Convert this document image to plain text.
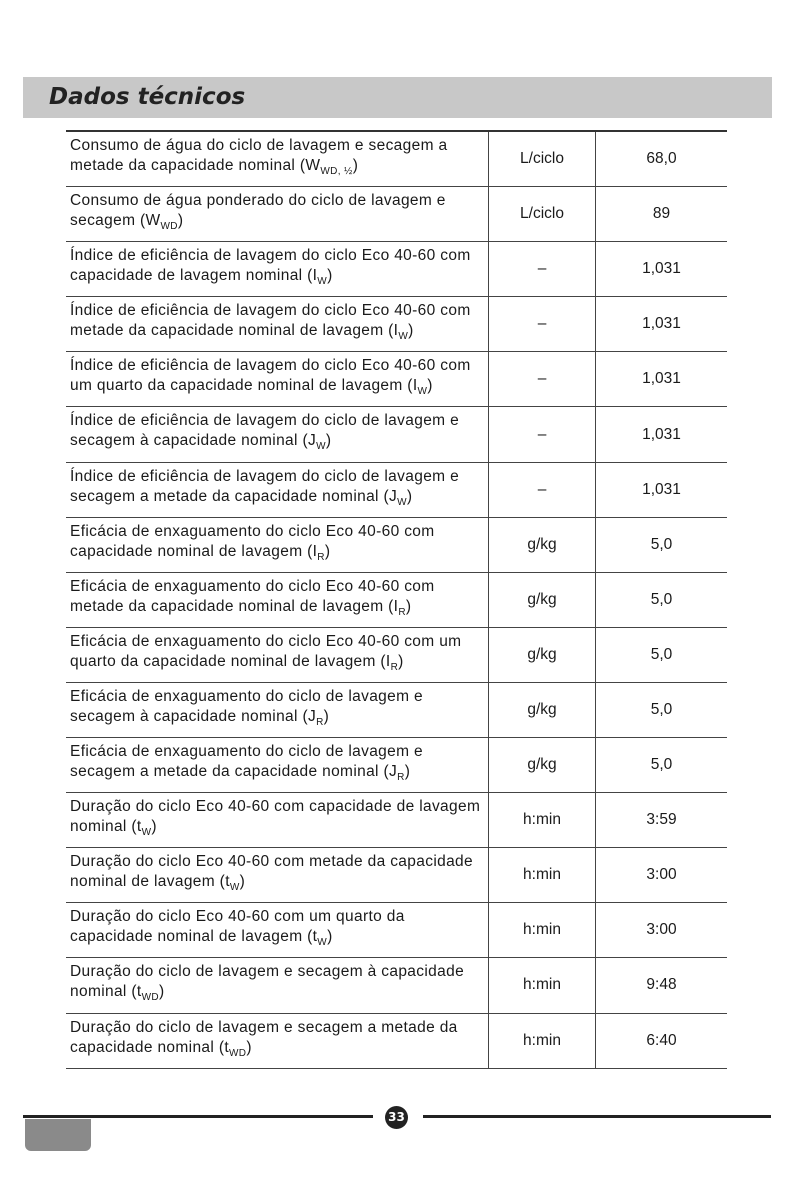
Dados técnicos
Consumo de água do ciclo de lavagem e secagem a metade da capacidade nominal $(W_{WD, \frac{1}{2}})$	L/ciclo	68,0
Consumo de água ponderado do ciclo de lavagem e secagem $(W_{WD})$	L/ciclo	89
Índice de eficiência de lavagem do ciclo Eco 40-60 com capacidade de lavagem nominal $(I_W)$	–	1,031
Índice de eficiência de lavagem do ciclo Eco 40-60 com metade da capacidade nominal de lavagem $(I_W)$	–	1,031
Índice de eficiência de lavagem do ciclo Eco 40-60 com um quarto da capacidade nominal de lavagem $(I_W)$	–	1,031
Índice de eficiência de lavagem do ciclo de lavagem e secagem à capacidade nominal $(J_W)$	–	1,031
Índice de eficiência de lavagem do ciclo de lavagem e secagem a metade da capacidade nominal $(J_W)$	–	1,031
Eficácia de enxaguamento do ciclo Eco 40-60 com capacidade nominal de lavagem $(I_R)$	g/kg	5,0
Eficácia de enxaguamento do ciclo Eco 40-60 com metade da capacidade nominal de lavagem $(I_R)$	g/kg	5,0
Eficácia de enxaguamento do ciclo Eco 40-60 com um quarto da capacidade nominal de lavagem $(I_R)$	g/kg	5,0
Eficácia de enxaguamento do ciclo de lavagem e secagem à capacidade nominal $(J_R)$	g/kg	5,0
Eficácia de enxaguamento do ciclo de lavagem e secagem a metade da capacidade nominal $(J_R)$	g/kg	5,0
Duração do ciclo Eco 40-60 com capacidade de lavagem nominal $(t_W)$	h:min	3:59
Duração do ciclo Eco 40-60 com metade da capacidade nominal de lavagem $(t_W)$	h:min	3:00
Duração do ciclo Eco 40-60 com um quarto da capacidade nominal de lavagem $(t_W)$	h:min	3:00
Duração do ciclo de lavagem e secagem à capacidade nominal $(t_{WD})$	h:min	9:48
Duração do ciclo de lavagem e secagem a metade da capacidade nominal $(t_{WD})$	h:min	6:40
33
